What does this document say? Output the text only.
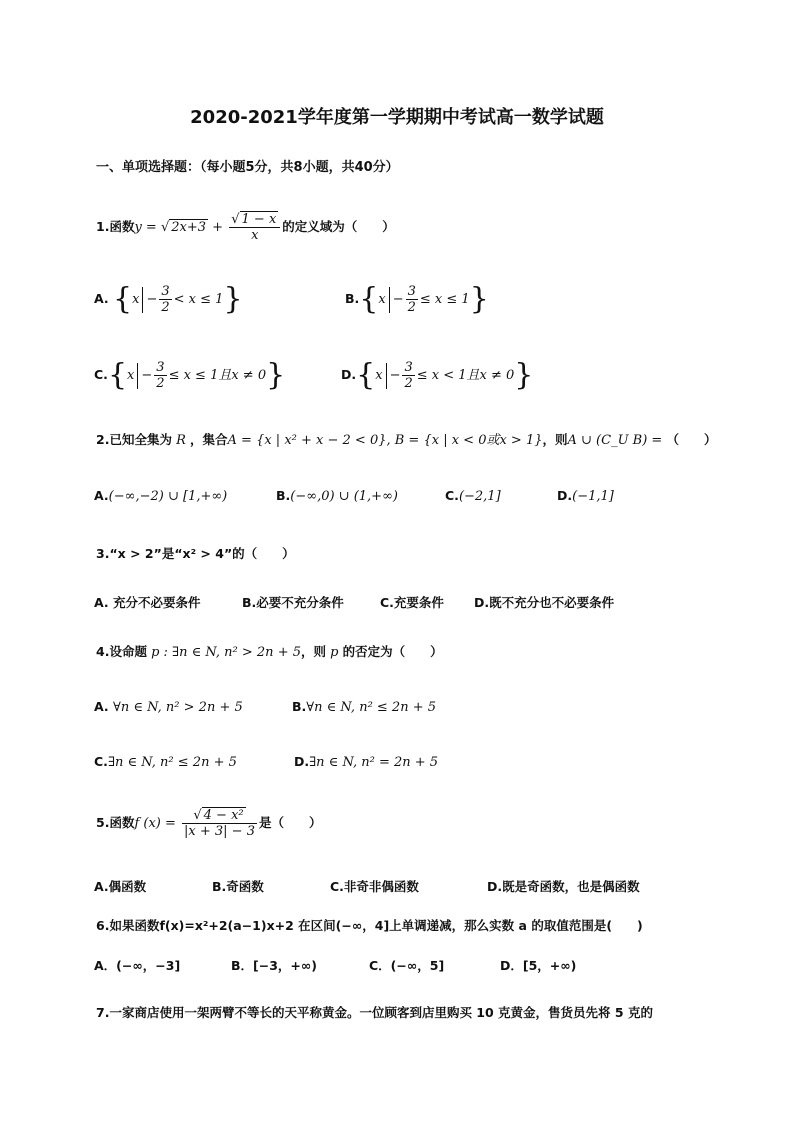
2020-2021学年度第一学期期中考试高一数学试题
一、单项选择题：（每小题5分，共8小题，共40分）
1.函数y = √ $2x+3 + \frac{√ 1 - x}{x}$ 的定义域为（　　）
A. $\{x - \frac{3}{2} < x \le 1\}$	$B.\{x - \frac{3}{2} \le x \le 1\}$
$C.\{x - \frac{3}{2} \le x \le 1$且x ≠ 0}	$D.\{x - \frac{3}{2} \le x < 1$且x ≠ 0}
2.已知全集为 R ，集合A = {x | x² + x − 2 < 0}, B = {x | x < 0或x > 1}，则A ∪ (C_U B) = （　　）
A.(−∞,−2) ∪ [1,+∞)	B.(−∞,0) ∪ (1,+∞)	C.(−2,1]	D.(−1,1]
3.“x > 2”是“x² > 4”的（　　）
A. 充分不必要条件	B.必要不充分条件	C.充要条件 D.既不充分也不必要条件
4.设命题 p : ∃n ∈ N, n² > 2n + 5，则 p 的否定为（　　）
A. ∀n ∈ N, n² > 2n + 5	B.∀n ∈ N, n² ≤ 2n + 5
C.∃n ∈ N, n² ≤ 2n + 5	D.∃n ∈ N, n² = 2n + 5
5.函数f $(x) = \frac{\text{√ 4 − x²}}{|x + 3| - 3}$ 是（　　）
A.偶函数	B.奇函数	C.非奇非偶函数	D.既是奇函数，也是偶函数
6.如果函数f(x)=x²+2(a−1)x+2 在区间(−∞，4]上单调递减，那么实数 a 的取值范围是(　　)
A．(−∞，−3]	B．[−3，+∞)	C．(−∞，5]	D．[5，+∞)
7.一家商店使用一架两臂不等长的天平称黄金。一位顾客到店里购买 10 克黄金，售货员先将 5 克的
